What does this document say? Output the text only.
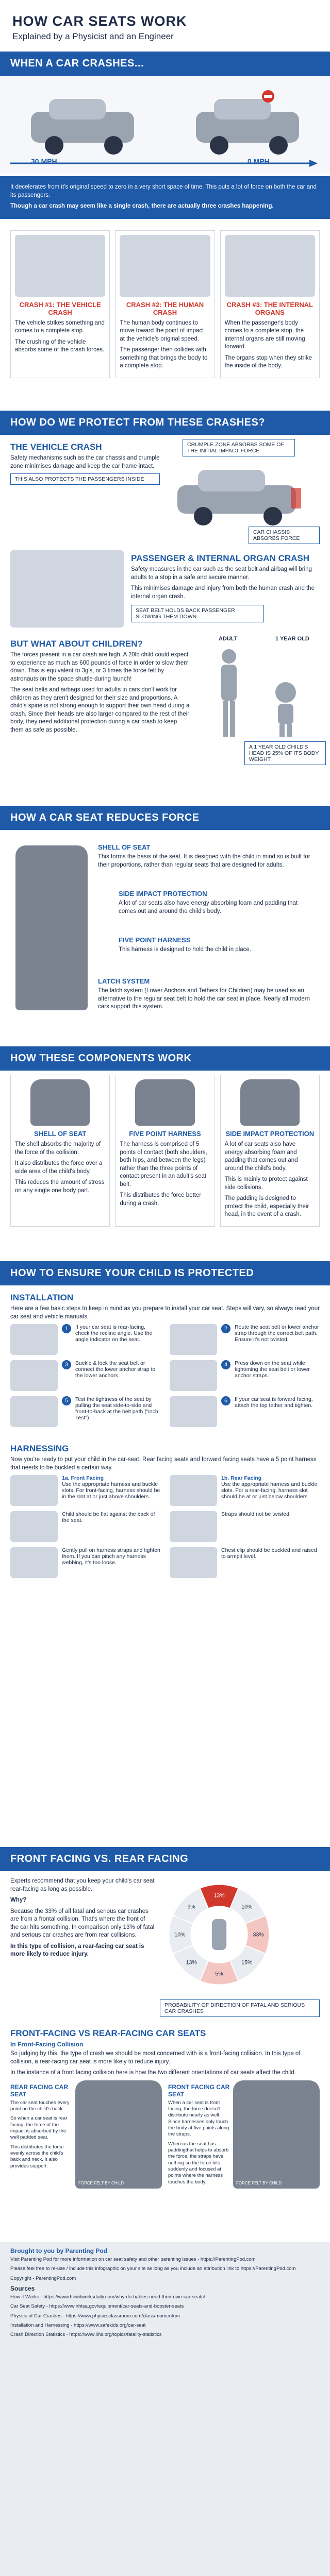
HOW CAR SEATS WORK
Explained by a Physicist and an Engineer
WHEN A CAR CRASHES...
30 MPH	0 MPH

It decelerates from it's original speed to zero in a very short space of time. This puts a lot of force on both the car and its passengers.

Though a car crash may seem like a single crash, there are actually three crashes happening.

CRASH #1: THE VEHICLE CRASH

The vehicle strikes something and comes to a complete stop.

The crushing of the vehicle absorbs some of the crash forces.

CRASH #2: THE HUMAN CRASH

The human body continues to move toward the point of impact at the vehicle's original speed.

The passenger then collides with something that brings the body to a complete stop.

CRASH #3: THE INTERNAL ORGANS

When the passenger's body comes to a complete stop, the internal organs are still moving forward.

The organs stop when they strike the inside of the body.

HOW DO WE PROTECT FROM THESE CRASHES?
THE VEHICLE CRASH

Safety mechanisms such as the car chassis and crumple zone minimises damage and keep the car frame intact.

THIS ALSO PROTECTS THE PASSENGERS INSIDE
CRUMPLE ZONE ABSORBS SOME OF THE INITIAL IMPACT FORCE
CAR CHASSIS ABSORBS FORCE
PASSENGER & INTERNAL ORGAN CRASH

Safety measures in the car such as the seat belt and airbag will bring adults to a stop in a safe and secure manner.

This minimises damage and injury from both the human crash and the internal organ crash.

SEAT BELT HOLDS BACK PASSENGER SLOWING THEM DOWN
BUT WHAT ABOUT CHILDREN?

The forces present in a car crash are high. A 20lb child could expect to experience as much as 600 pounds of force in order to slow them down. This is equivalent to 3g's, or 3 times the force felt by astronauts on the space shuttle during launch!

The seat belts and airbags used for adults in cars don't work for children as they aren't designed for their size and proportions. A child's spine is not strong enough to support their own head during a crash. Since their heads are also larger compared to the rest of their body, they need additional protection during a car crash to keep them as safe as possible.

ADULT	1 YEAR OLD
A 1 YEAR OLD CHILD'S HEAD IS 25% OF ITS BODY WEIGHT.
HOW A CAR SEAT REDUCES FORCE
SHELL OF SEAT

This forms the basis of the seat. It is designed with the child in mind so is built for their proportions, rather than regular seats that are designed for adults.

SIDE IMPACT PROTECTION

A lot of car seats also have energy absorbing foam and padding that comes out and around the child's body.

FIVE POINT HARNESS

This harness is designed to hold the child in place.

LATCH SYSTEM

The latch system (Lower Anchors and Tethers for Children) may be used as an alternative to the regular seat belt to hold the car seat in place. Nearly all modern cars support this system.

HOW THESE COMPONENTS WORK
SHELL OF SEAT

The shell absorbs the majority of the force of the collision.

It also distributes the force over a wide area of the child's body.

This reduces the amount of stress on any single one body part.

FIVE POINT HARNESS

The harness is comprised of 5 points of contact (both shoulders, both hips, and between the legs) rather than the three points of contact present in an adult's seat belt.

This distributes the force better during a crash.

SIDE IMPACT PROTECTION

A lot of car seats also have energy absorbing foam and padding that comes out and around the child's body.

This is mainly to protect against side collisions.

The padding is designed to protect the child, especially their head, in the event of a crash.

HOW TO ENSURE YOUR CHILD IS PROTECTED
INSTALLATION

Here are a few basic steps to keep in mind as you prepare to install your car seat. Steps will vary, so always read your car seat and vehicle manuals.

1	If your car seat is rear-facing, check the recline angle. Use the angle indicator on the seat.
2	Route the seat belt or lower anchor strap through the correct belt path. Ensure it's not twisted.
3	Buckle & lock the seat belt or connect the lower anchor strap to the lower anchors.
4	Press down on the seat while tightening the seat belt or lower anchor straps.
5	Test the tightness of the seat by pulling the seat side-to-side and front-to-back at the belt path ("inch Test").
6	If your car seat is forward facing, attach the top tether and tighten.
HARNESSING

Now you're ready to put your child in the car-seat. Rear facing seats and forward facing seats have a 5 point harness that needs to be buckled a certain way.

1a. Front Facing
Use the appropriate harness and buckle slots. For front-facing, harness should be in the slot at or just above shoulders.
1b. Rear Facing
Use the appropriate harness and buckle slots. For a rear-facing, harness slot should be at or just below shoulders
Child should be flat against the back of the seat.
Straps should not be twisted.
Gently pull on harness straps and tighten them. If you can pinch any harness webbing, it's too loose.
Chest clip should be buckled and raised to armpit level.
FRONT FACING VS. REAR FACING

Experts recommend that you keep your child's car seat rear-facing as long as possible.

Why?

Because the 33% of all fatal and serious car crashes are from a frontal collision. That's where the front of the car hits something. In comparison only 13% of fatal and serious car crashes are from rear collisions.

In this type of collision, a rear-facing car seat is more likely to reduce injury.

13%
10%
33%
15%
5%
13%
10%
9%
PROBABILITY OF DIRECTION OF FATAL AND SERIOUS CAR CRASHES
FRONT-FACING VS REAR-FACING CAR SEATS
In Front-Facing Collision

So judging by this, the type of crash we should be most concerned with is a front-facing collision. In this type of collision, a rear-facing car seat is more likely to reduce injury.

In the instance of a front facing collision here is how the two different orientations of car seats affect the child.

REAR FACING CAR SEAT

The car seat touches every point on the child's back.

So when a car seat is rear facing, the force of the impact is absorbed by the well padded seat.

This distributes the force evenly across the child's back and neck. It also provides support.

FORCE FELT BY CHILD
FRONT FACING CAR SEAT

When a car seat is front facing, the force doesn't distribute nearly as well. Since harnesses only touch the body at five points along the straps.

Whereas the seat has paddingthat helps to absorb the force, the straps have nothing so the force hits suddenly and focused at points where the harness touches the body.	FORCE FELT BY CHILD
Brought to you by Parenting Pod

Visit Parenting Pod for more information on car seat safety and other parenting issues - https://ParentingPod.com

Please feel free to re-use / include this infographic on your site as long as you include an attribution link to https://ParentingPod.com

Copyright - ParentingPod.com

Sources

How it Works - https://www.howitworksdaily.com/why-do-babies-need-their-own-car-seats/

Car Seat Safety - https://www.nhtsa.gov/equipment/car-seats-and-booster-seats

Physics of Car Crashes - https://www.physicsclassroom.com/class/momentum

Installation and Harnessing - https://www.safekids.org/car-seat

Crash Direction Statistics - https://www.iihs.org/topics/fatality-statistics
